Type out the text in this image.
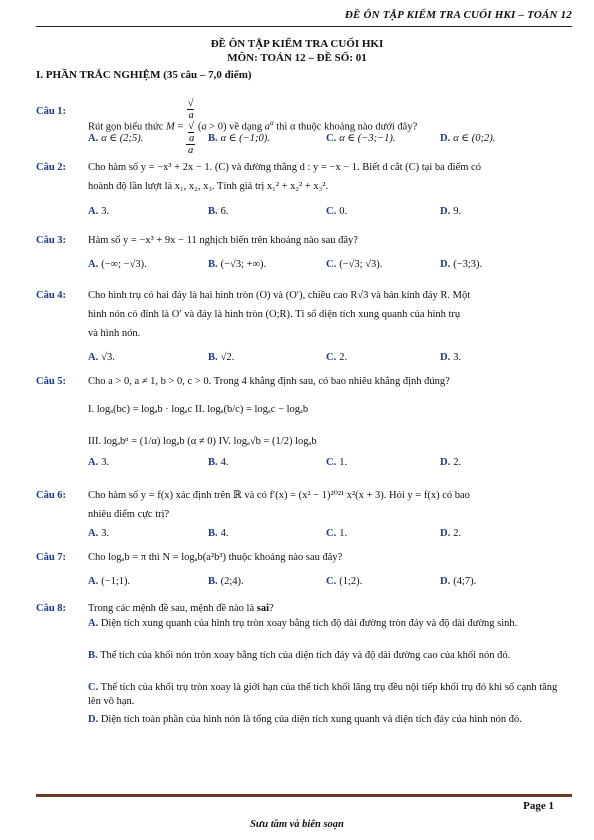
ĐỀ ÔN TẬP KIỂM TRA CUỐI HKI – TOÁN 12
ĐỀ ÔN TẬP KIỂM TRA CUỐI HKI
MÔN: TOÁN 12 – ĐỀ SỐ: 01
I. PHẦN TRẮC NGHIỆM (35 câu – 7,0 điểm)
Câu 1:
Rút gọn biểu thức M = √
a
√
a
a (a > 0) về dạng $a^\alpha$ thì α thuộc khoảng nào dưới đây?
A. α ∈ (2;5).	B. α ∈ (−1;0).	C. α ∈ (−3;−1).	D. α ∈ (0;2).
Câu 2: Cho hàm số y = −x³ + 2x − 1. (C) và đường thẳng d : y = −x − 1. Biết d cắt (C) tại ba điểm có
hoành độ lần lượt là x₁, x₂, x₃. Tính giá trị x₁² + x₂² + x₃².
A. 3.	B. 6.	C. 0.	D. 9.
Câu 3: Hàm số y = −x³ + 9x − 11 nghịch biến trên khoảng nào sau đây?
A. (−∞; −√3).	B. (−√3; +∞).	C. (−√3; √3).	D. (−3;3).
Câu 4: Cho hình trụ có hai đáy là hai hình tròn (O) và (O′), chiều cao R√3 và bán kính đáy R. Một
hình nón có đỉnh là O′ và đáy là hình tròn (O;R). Tỉ số diện tích xung quanh của hình trụ
và hình nón.
A. √3.	B. √2.	C. 2.	D. 3.
Câu 5: Cho a > 0, a ≠ 1, b > 0, c > 0. Trong 4 khẳng định sau, có bao nhiêu khẳng định đúng?
I. logₐ(bc) = logₐb · logₐc II. logₐ(b/c) = logₐc − logₐb
III. logₐbᵅ = (1/α) logₐb (α ≠ 0) IV. logₐ√b = (1/2) logₐb
A. 3.	B. 4.	C. 1.	D. 2.
Câu 6: Cho hàm số y = f(x) xác định trên ℝ và có f′(x) = (x² − 1)²⁰²¹ x²(x + 3). Hỏi y = f(x) có bao
nhiêu điểm cực trị?
A. 3.	B. 4.	C. 1.	D. 2.
Câu 7: Cho logₐb = π thì N = logₐb(a²b³) thuộc khoảng nào sau đây?
A. (−1;1).	B. (2;4).	C. (1;2).	D. (4;7).
Câu 8: Trong các mệnh đề sau, mệnh đề nào là sai?
A. Diện tích xung quanh của hình trụ tròn xoay bằng tích độ dài đường tròn đáy và độ dài đường sinh.
B. Thể tích của khối nón tròn xoay bằng tích của diện tích đáy và độ dài đường cao của khối nón đó.
C. Thể tích của khối trụ tròn xoay là giới hạn của thể tích khối lăng trụ đều nội tiếp khối trụ đó khi số cạnh tăng lên vô hạn.
D. Diện tích toàn phần của hình nón là tổng của diện tích xung quanh và diện tích đáy của hình nón đó.
Page 1
Sưu tầm và biên soạn
